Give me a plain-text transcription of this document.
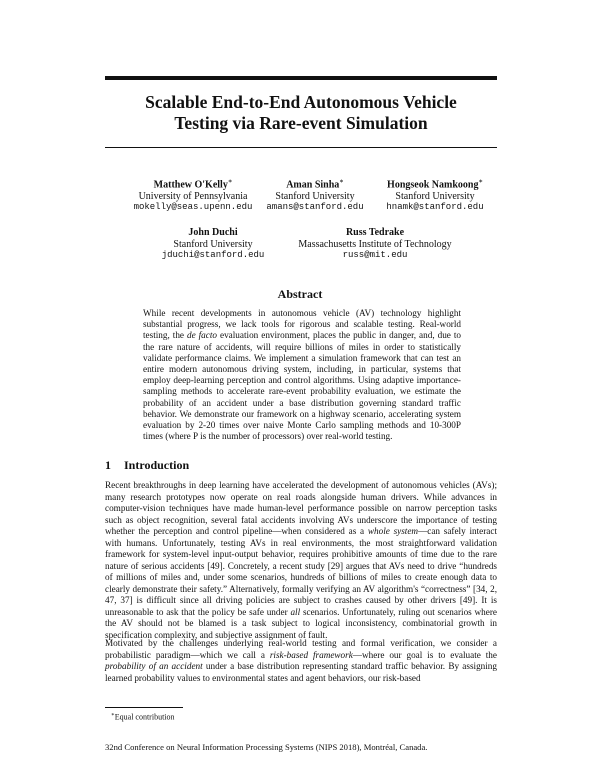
Scalable End-to-End Autonomous Vehicle
Testing via Rare-event Simulation
Matthew O'Kelly∗
University of Pennsylvania
mokelly@seas.upenn.edu
Aman Sinha∗
Stanford University
amans@stanford.edu
Hongseok Namkoong∗
Stanford University
hnamk@stanford.edu
John Duchi
Stanford University
jduchi@stanford.edu
Russ Tedrake
Massachusetts Institute of Technology
russ@mit.edu
Abstract
While recent developments in autonomous vehicle (AV) technology highlight substantial progress, we lack tools for rigorous and scalable testing. Real-world testing, the de facto evaluation environment, places the public in danger, and, due to the rare nature of accidents, will require billions of miles in order to statistically validate performance claims. We implement a simulation framework that can test an entire modern autonomous driving system, including, in particular, systems that employ deep-learning perception and control algorithms. Using adaptive importance-sampling methods to accelerate rare-event probability evaluation, we estimate the probability of an accident under a base distribution governing standard traffic behavior. We demonstrate our framework on a highway scenario, accelerating system evaluation by 2-20 times over naive Monte Carlo sampling methods and 10-300P times (where P is the number of processors) over real-world testing.
1 Introduction
Recent breakthroughs in deep learning have accelerated the development of autonomous vehicles (AVs); many research prototypes now operate on real roads alongside human drivers. While advances in computer-vision techniques have made human-level performance possible on narrow perception tasks such as object recognition, several fatal accidents involving AVs underscore the importance of testing whether the perception and control pipeline—when considered as a whole system—can safely interact with humans. Unfortunately, testing AVs in real environments, the most straightforward validation framework for system-level input-output behavior, requires prohibitive amounts of time due to the rare nature of serious accidents [49]. Concretely, a recent study [29] argues that AVs need to drive “hundreds of millions of miles and, under some scenarios, hundreds of billions of miles to create enough data to clearly demonstrate their safety.” Alternatively, formally verifying an AV algorithm's “correctness” [34, 2, 47, 37] is difficult since all driving policies are subject to crashes caused by other drivers [49]. It is unreasonable to ask that the policy be safe under all scenarios. Unfortunately, ruling out scenarios where the AV should not be blamed is a task subject to logical inconsistency, combinatorial growth in specification complexity, and subjective assignment of fault.
Motivated by the challenges underlying real-world testing and formal verification, we consider a probabilistic paradigm—which we call a risk-based framework—where our goal is to evaluate the probability of an accident under a base distribution representing standard traffic behavior. By assigning learned probability values to environmental states and agent behaviors, our risk-based
∗Equal contribution
32nd Conference on Neural Information Processing Systems (NIPS 2018), Montréal, Canada.
